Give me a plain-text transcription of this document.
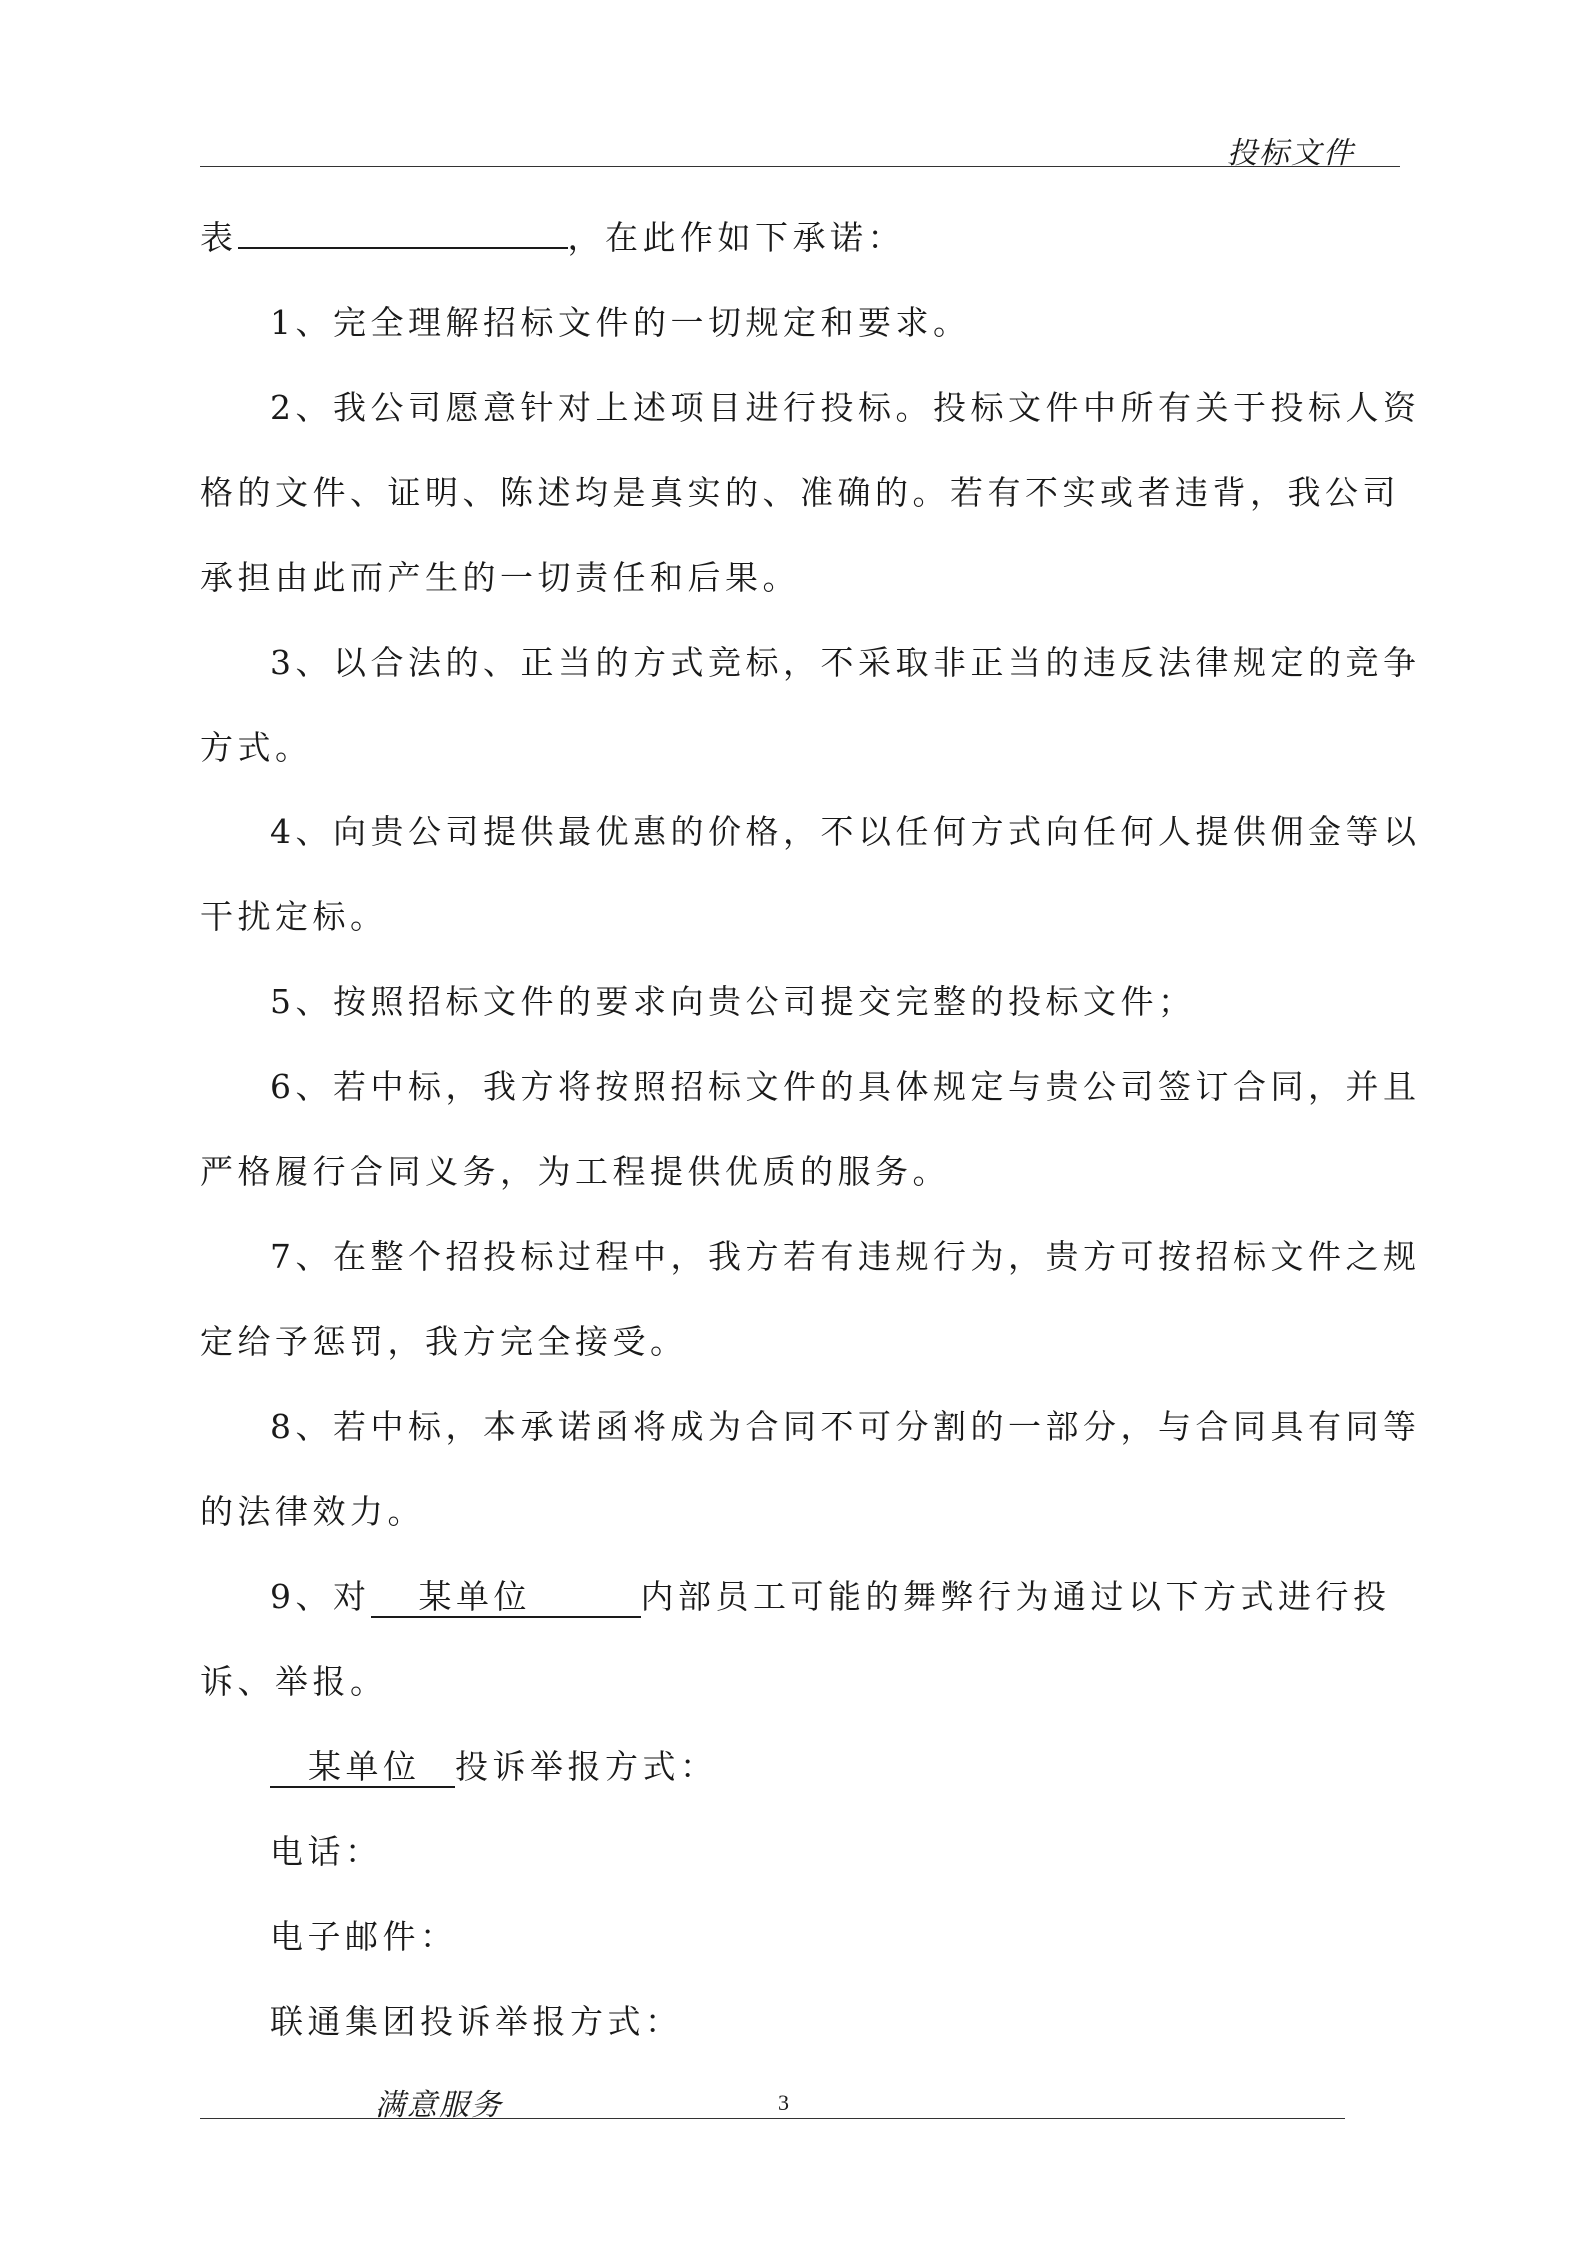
投标文件
表	，在此作如下承诺：
1、完全理解招标文件的一切规定和要求。
2、我公司愿意针对上述项目进行投标。投标文件中所有关于投标人资
格的文件、证明、陈述均是真实的、准确的。若有不实或者违背，我公司
承担由此而产生的一切责任和后果。
3、以合法的、正当的方式竞标，不采取非正当的违反法律规定的竞争
方式。
4、向贵公司提供最优惠的价格，不以任何方式向任何人提供佣金等以
干扰定标。
5、按照招标文件的要求向贵公司提交完整的投标文件；
6、若中标，我方将按照招标文件的具体规定与贵公司签订合同，并且
严格履行合同义务，为工程提供优质的服务。
7、在整个招投标过程中，我方若有违规行为，贵方可按招标文件之规
定给予惩罚，我方完全接受。
8、若中标，本承诺函将成为合同不可分割的一部分，与合同具有同等
的法律效力。
9、对 某单位	内部员工可能的舞弊行为通过以下方式进行投
诉、举报。
某单位 投诉举报方式：
电话：
电子邮件：
联通集团投诉举报方式：
满意服务	3
